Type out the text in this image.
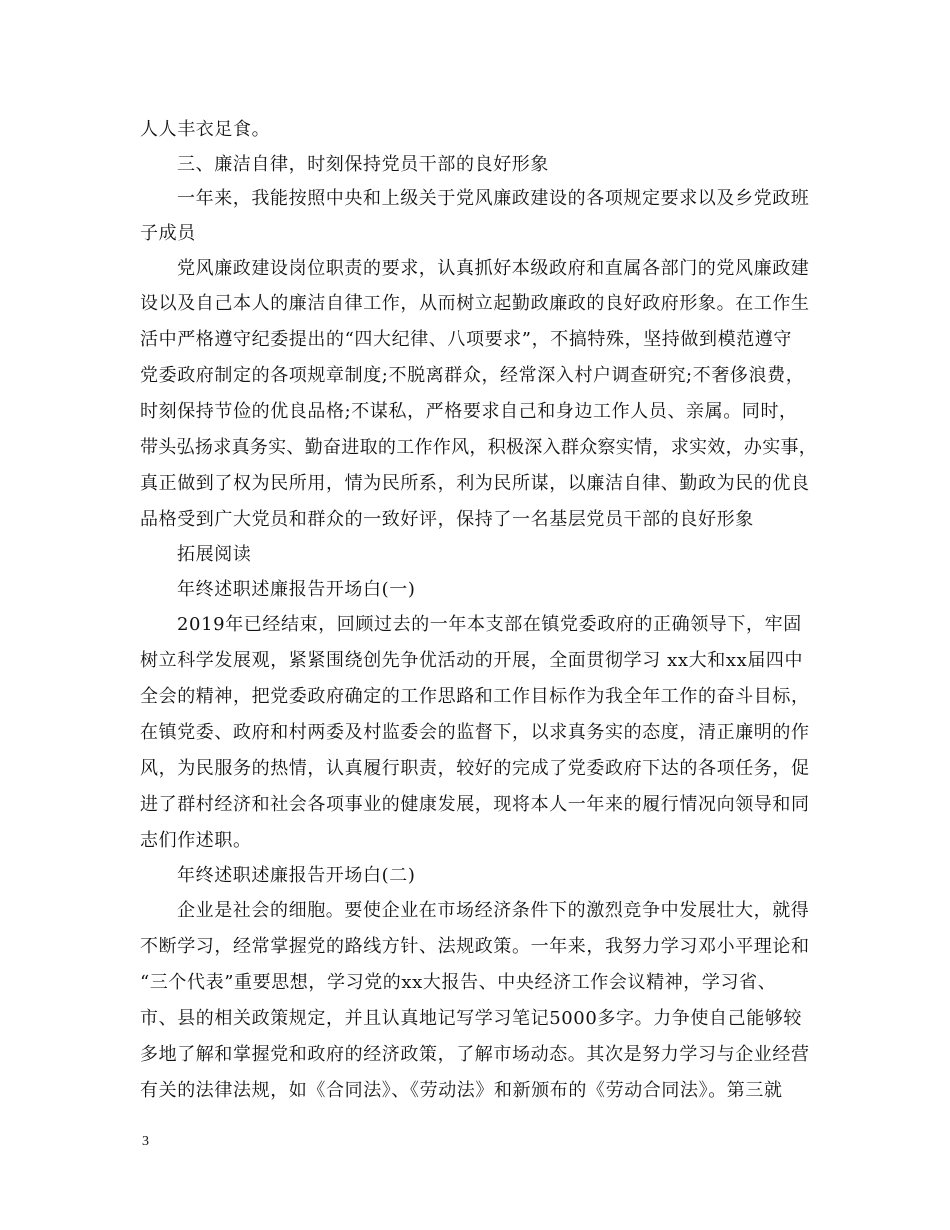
人人丰衣足食。
三、廉洁自律，时刻保持党员干部的良好形象
一年来，我能按照中央和上级关于党风廉政建设的各项规定要求以及乡党政班
子成员
党风廉政建设岗位职责的要求，认真抓好本级政府和直属各部门的党风廉政建
设以及自己本人的廉洁自律工作，从而树立起勤政廉政的良好政府形象。在工作生
活中严格遵守纪委提出的“四大纪律、八项要求”，不搞特殊，坚持做到模范遵守
党委政府制定的各项规章制度;不脱离群众，经常深入村户调查研究;不奢侈浪费，
时刻保持节俭的优良品格;不谋私，严格要求自己和身边工作人员、亲属。同时，
带头弘扬求真务实、勤奋进取的工作作风，积极深入群众察实情，求实效，办实事，
真正做到了权为民所用，情为民所系，利为民所谋，以廉洁自律、勤政为民的优良
品格受到广大党员和群众的一致好评，保持了一名基层党员干部的良好形象
拓展阅读
年终述职述廉报告开场白(一)
2019年已经结束，回顾过去的一年本支部在镇党委政府的正确领导下，牢固
树立科学发展观，紧紧围绕创先争优活动的开展，全面贯彻学习 xx大和xx届四中
全会的精神，把党委政府确定的工作思路和工作目标作为我全年工作的奋斗目标，
在镇党委、政府和村两委及村监委会的监督下，以求真务实的态度，清正廉明的作
风，为民服务的热情，认真履行职责，较好的完成了党委政府下达的各项任务，促
进了群村经济和社会各项事业的健康发展，现将本人一年来的履行情况向领导和同
志们作述职。
年终述职述廉报告开场白(二)
企业是社会的细胞。要使企业在市场经济条件下的激烈竞争中发展壮大，就得
不断学习，经常掌握党的路线方针、法规政策。一年来，我努力学习邓小平理论和
“三个代表”重要思想，学习党的xx大报告、中央经济工作会议精神，学习省、
市、县的相关政策规定，并且认真地记写学习笔记5000多字。力争使自己能够较
多地了解和掌握党和政府的经济政策，了解市场动态。其次是努力学习与企业经营
有关的法律法规，如《合同法》、《劳动法》和新颁布的《劳动合同法》。第三就
3
